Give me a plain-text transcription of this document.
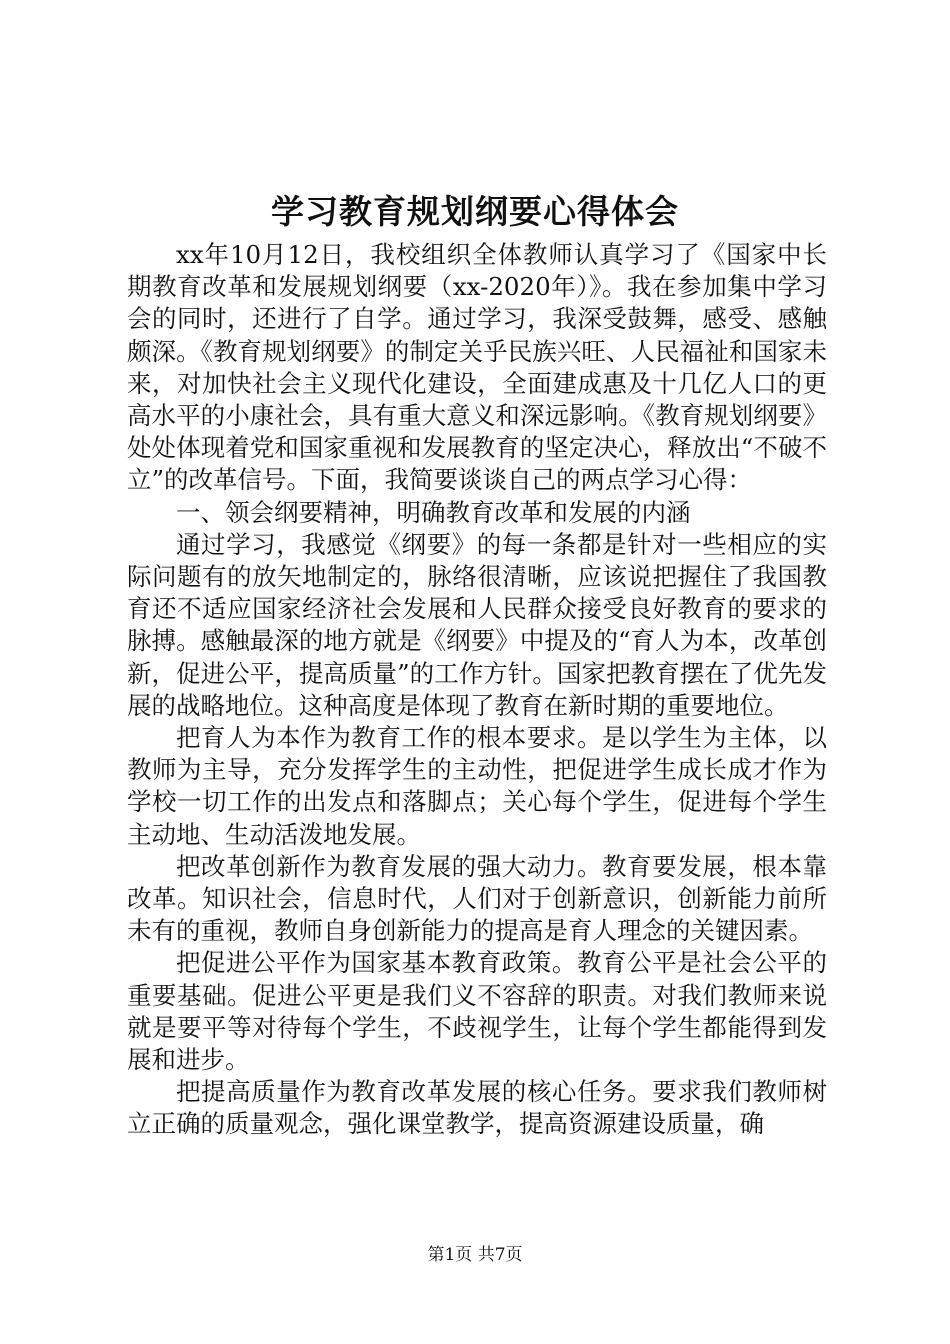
学习教育规划纲要心得体会

xx年10月12日，我校组织全体教师认真学习了《国家中长期教育改革和发展规划纲要（xx-2020年）》。我在参加集中学习会的同时，还进行了自学。通过学习，我深受鼓舞，感受、感触颇深。《教育规划纲要》的制定关乎民族兴旺、人民福祉和国家未来，对加快社会主义现代化建设，全面建成惠及十几亿人口的更高水平的小康社会，具有重大意义和深远影响。《教育规划纲要》处处体现着党和国家重视和发展教育的坚定决心，释放出“不破不立”的改革信号。下面，我简要谈谈自己的两点学习心得：

一、领会纲要精神，明确教育改革和发展的内涵

通过学习，我感觉《纲要》的每一条都是针对一些相应的实际问题有的放矢地制定的，脉络很清晰，应该说把握住了我国教育还不适应国家经济社会发展和人民群众接受良好教育的要求的脉搏。感触最深的地方就是《纲要》中提及的“育人为本，改革创新，促进公平，提高质量”的工作方针。国家把教育摆在了优先发展的战略地位。这种高度是体现了教育在新时期的重要地位。

把育人为本作为教育工作的根本要求。是以学生为主体，以教师为主导，充分发挥学生的主动性，把促进学生成长成才作为学校一切工作的出发点和落脚点；关心每个学生，促进每个学生主动地、生动活泼地发展。

把改革创新作为教育发展的强大动力。教育要发展，根本靠改革。知识社会，信息时代，人们对于创新意识，创新能力前所未有的重视，教师自身创新能力的提高是育人理念的关键因素。

把促进公平作为国家基本教育政策。教育公平是社会公平的重要基础。促进公平更是我们义不容辞的职责。对我们教师来说就是要平等对待每个学生，不歧视学生，让每个学生都能得到发展和进步。

把提高质量作为教育改革发展的核心任务。要求我们教师树立正确的质量观念，强化课堂教学，提高资源建设质量，确

第1页 共7页
